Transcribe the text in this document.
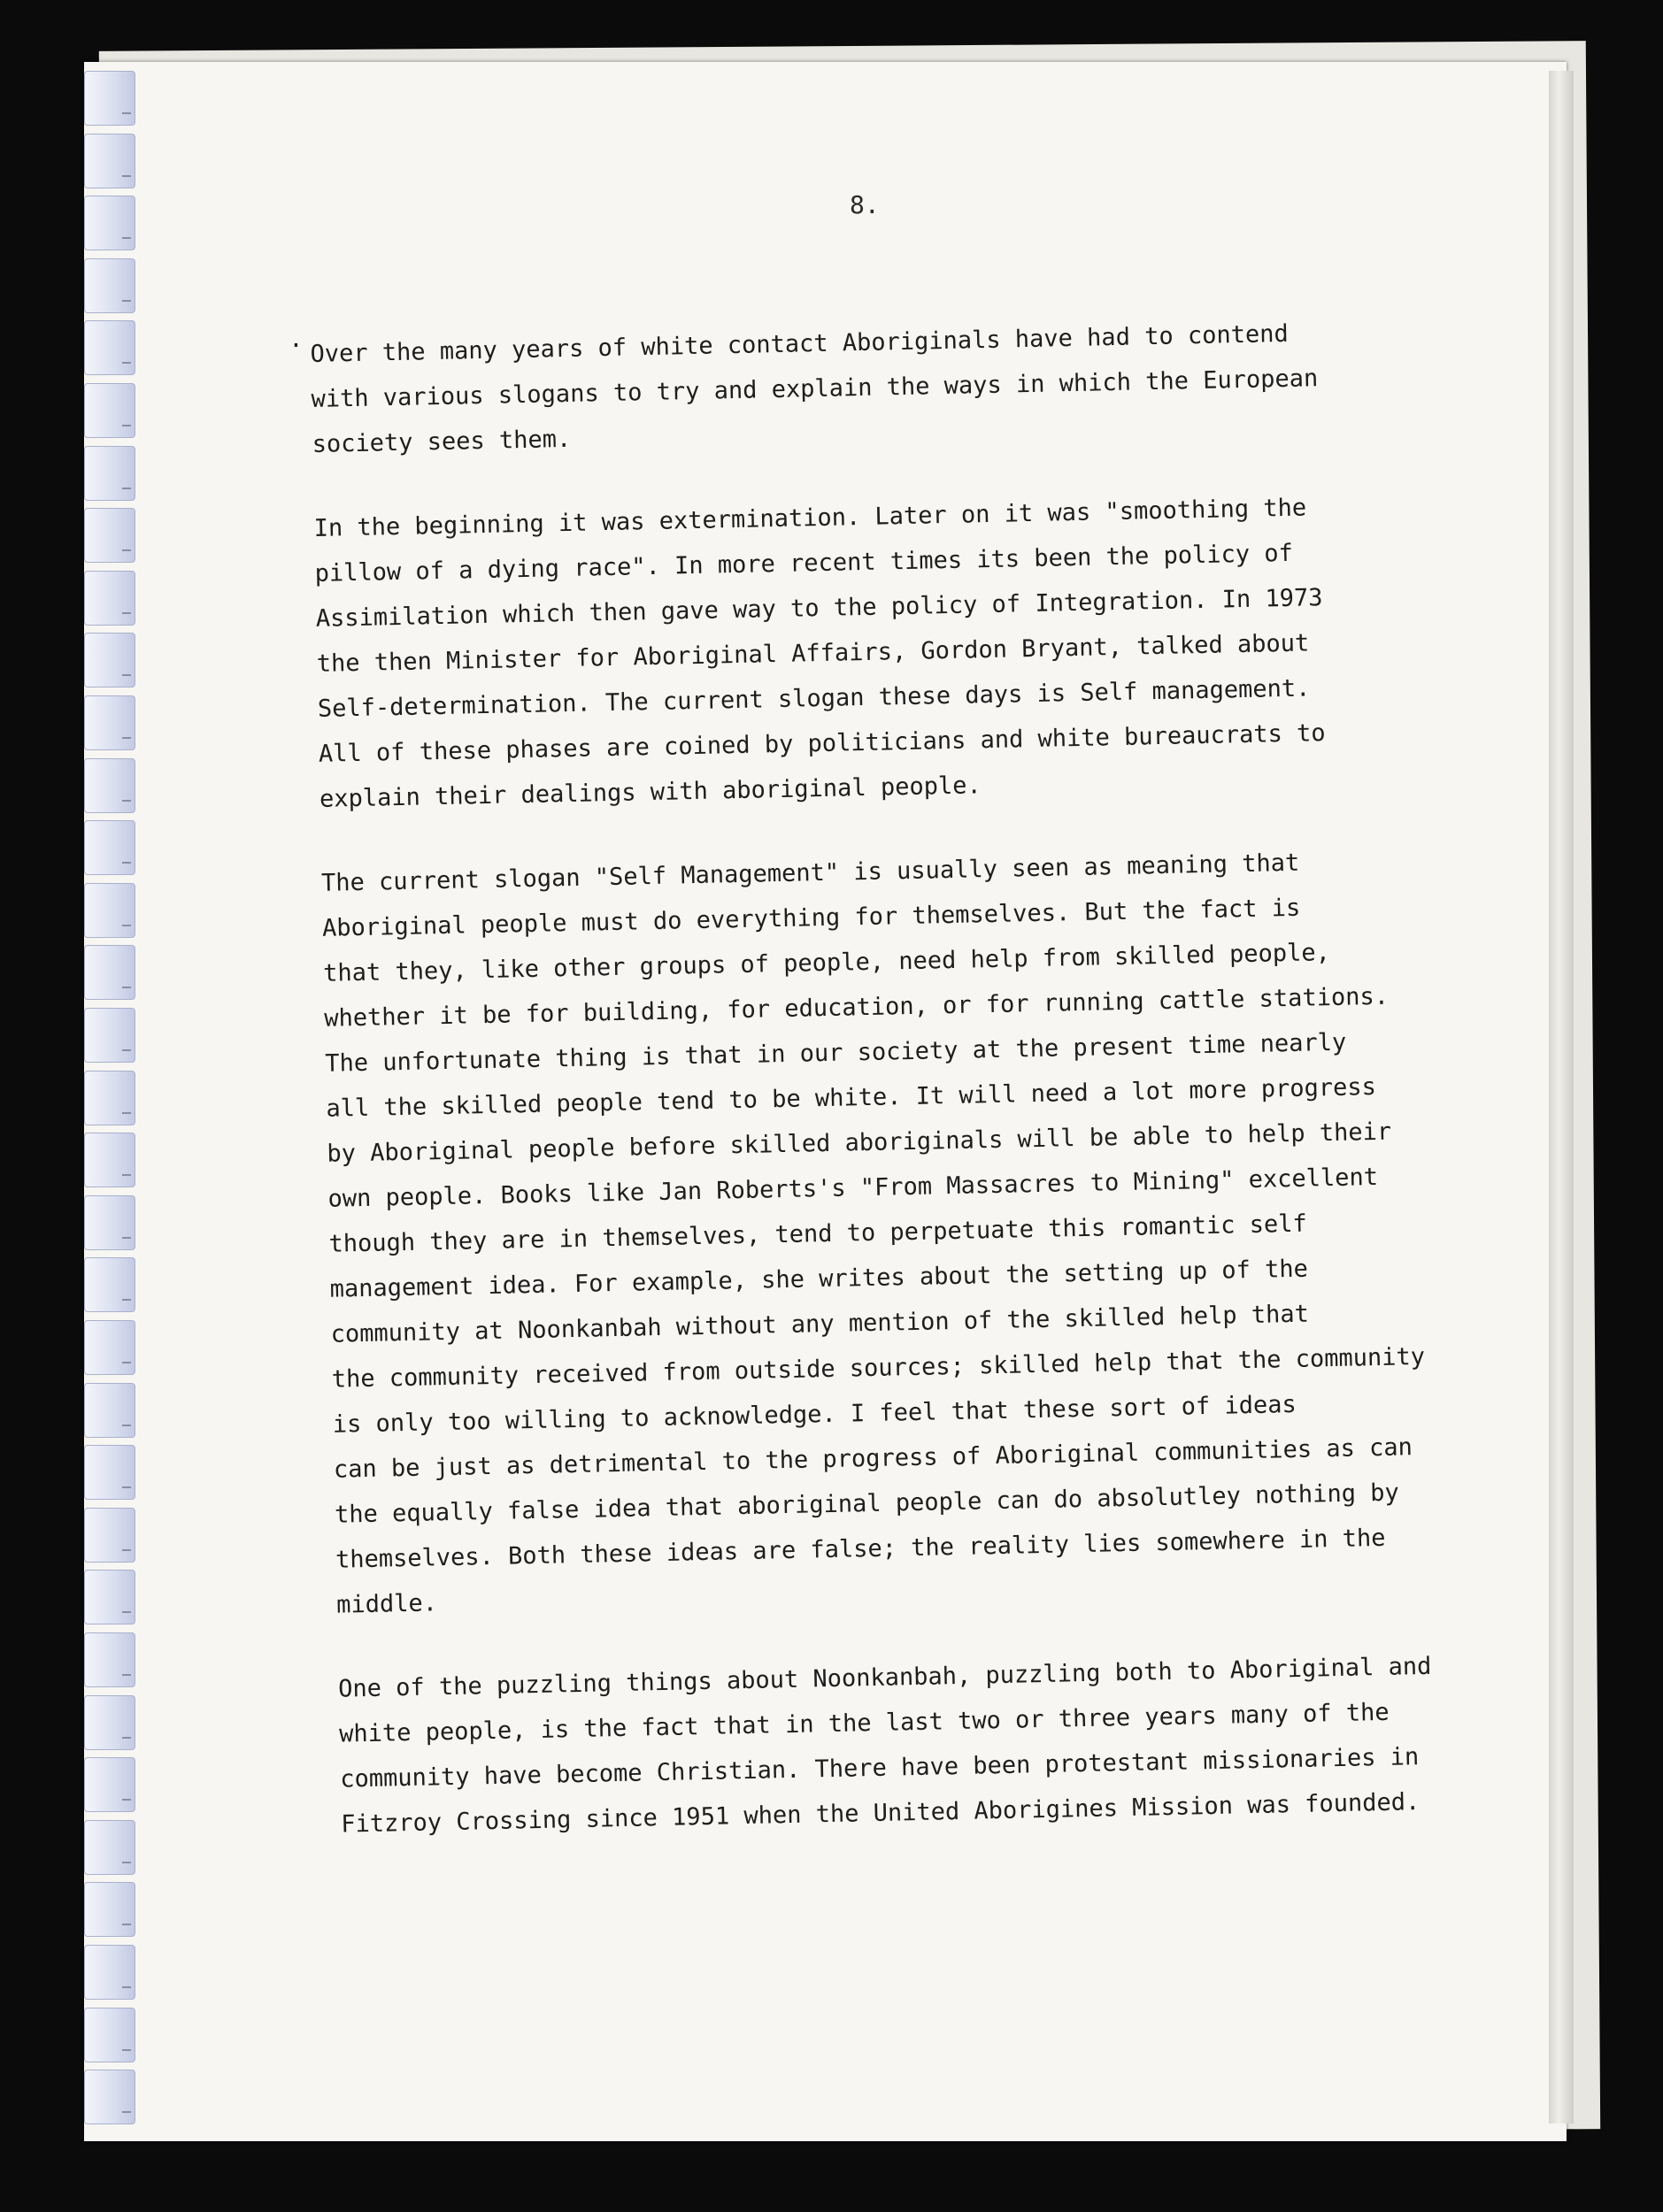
8.
· Over the many years of white contact Aboriginals have had to contend
with various slogans to try and explain the ways in which the European
society sees them.
In the beginning it was extermination. Later on it was "smoothing the
pillow of a dying race". In more recent times its been the policy of
Assimilation which then gave way to the policy of Integration. In 1973
the then Minister for Aboriginal Affairs, Gordon Bryant, talked about
Self-determination. The current slogan these days is Self management.
All of these phases are coined by politicians and white bureaucrats to
explain their dealings with aboriginal people.
The current slogan "Self Management" is usually seen as meaning that
Aboriginal people must do everything for themselves. But the fact is
that they, like other groups of people, need help from skilled people,
whether it be for building, for education, or for running cattle stations.
The unfortunate thing is that in our society at the present time nearly
all the skilled people tend to be white. It will need a lot more progress
by Aboriginal people before skilled aboriginals will be able to help their
own people. Books like Jan Roberts's "From Massacres to Mining" excellent
though they are in themselves, tend to perpetuate this romantic self
management idea. For example, she writes about the setting up of the
community at Noonkanbah without any mention of the skilled help that
the community received from outside sources; skilled help that the community
is only too willing to acknowledge. I feel that these sort of ideas
can be just as detrimental to the progress of Aboriginal communities as can
the equally false idea that aboriginal people can do absolutley nothing by
themselves. Both these ideas are false; the reality lies somewhere in the
middle.
One of the puzzling things about Noonkanbah, puzzling both to Aboriginal and
white people, is the fact that in the last two or three years many of the
community have become Christian. There have been protestant missionaries in
Fitzroy Crossing since 1951 when the United Aborigines Mission was founded.
